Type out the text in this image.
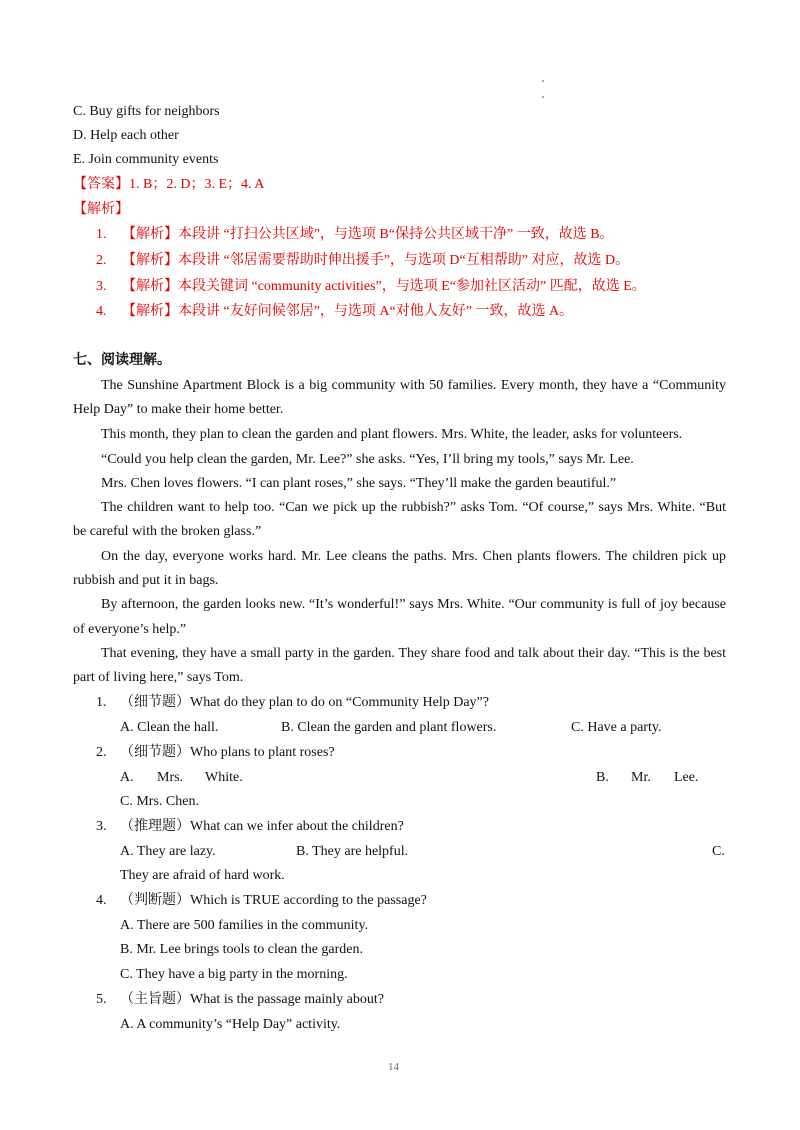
C. Buy gifts for neighbors
D. Help each other
E. Join community events
【答案】1. B；2. D；3. E；4. A
【解析】
1. 【解析】本段讲 “打扫公共区域”，与选项 B“保持公共区域干净” 一致，故选 B。
2. 【解析】本段讲 “邻居需要帮助时伸出援手”，与选项 D“互相帮助” 对应，故选 D。
3. 【解析】本段关键词 “community activities”，与选项 E“参加社区活动” 匹配，故选 E。
4. 【解析】本段讲 “友好问候邻居”，与选项 A“对他人友好” 一致，故选 A。
七、阅读理解。
The Sunshine Apartment Block is a big community with 50 families. Every month, they have a “Community
Help Day” to make their home better.
This month, they plan to clean the garden and plant flowers. Mrs. White, the leader, asks for volunteers.
“Could you help clean the garden, Mr. Lee?” she asks. “Yes, I’ll bring my tools,” says Mr. Lee.
Mrs. Chen loves flowers. “I can plant roses,” she says. “They’ll make the garden beautiful.”
The children want to help too. “Can we pick up the rubbish?” asks Tom. “Of course,” says Mrs. White. “But
be careful with the broken glass.”
On the day, everyone works hard. Mr. Lee cleans the paths. Mrs. Chen plants flowers. The children pick up
rubbish and put it in bags.
By afternoon, the garden looks new. “It’s wonderful!” says Mrs. White. “Our community is full of joy because
of everyone’s help.”
That evening, they have a small party in the garden. They share food and talk about their day. “This is the best
part of living here,” says Tom.
1. （细节题）What do they plan to do on “Community Help Day”?
A. Clean the hall.	B. Clean the garden and plant flowers.	C. Have a party.
2. （细节题）Who plans to plant roses?
A. Mrs. White.	B. Mr. Lee.
C. Mrs. Chen.
3. （推理题）What can we infer about the children?
A. They are lazy.	B. They are helpful.	C.
They are afraid of hard work.
4. （判断题）Which is TRUE according to the passage?
A. There are 500 families in the community.
B. Mr. Lee brings tools to clean the garden.
C. They have a big party in the morning.
5. （主旨题）What is the passage mainly about?
A. A community’s “Help Day” activity.
14
